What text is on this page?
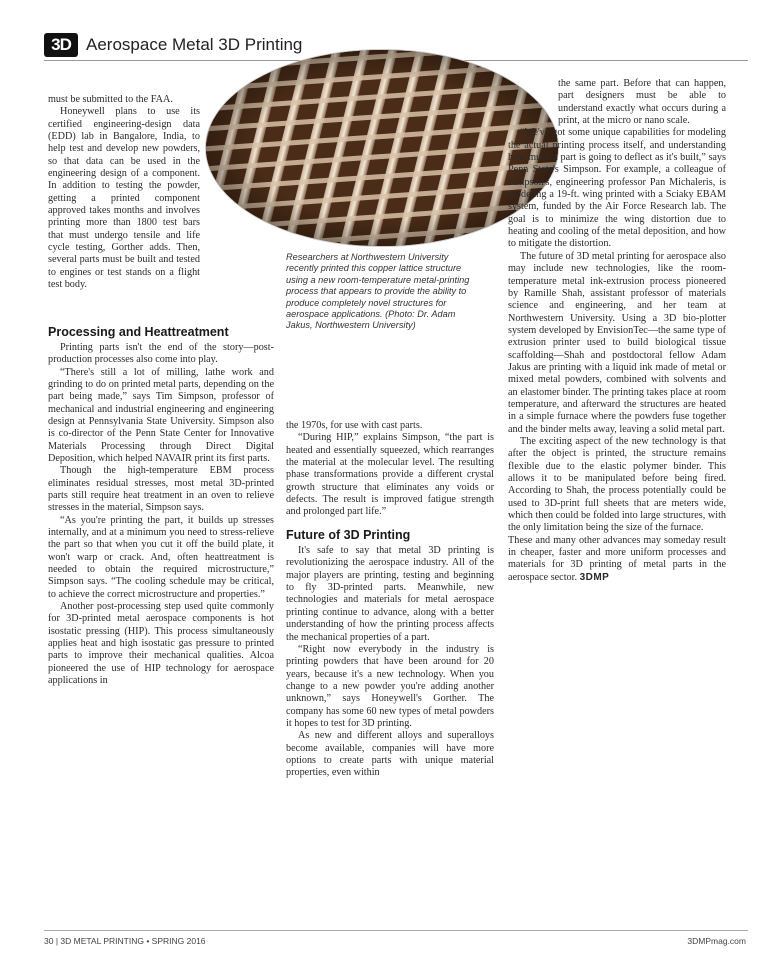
3D Aerospace Metal 3D Printing
Researchers at Northwestern University recently printed this copper lattice structure using a new room-temperature metal-printing process that appears to provide the ability to produce completely novel structures for aerospace applications. (Photo: Dr. Adam Jakus, Northwestern University)

must be submitted to the FAA.

Honeywell plans to use its certified engineering-design data (EDD) lab in Bangalore, India, to help test and develop new powders, so that data can be used in the engineering design of a component. In addition to testing the powder, getting a printed component approved takes months and involves printing more than 1800 test bars that must undergo tensile and life cycle testing, Gorther adds. Then, several parts must be built and tested to engines or test stands on a flight test body.

Processing and Heattreatment

Printing parts isn't the end of the story—post-production processes also come into play.

“There's still a lot of milling, lathe work and grinding to do on printed metal parts, depending on the part being made,” says Tim Simpson, professor of mechanical and industrial engineering and engineering design at Pennsylvania State University. Simpson also is co-director of the Penn State Center for Innovative Materials Processing through Direct Digital Deposition, which helped NAVAIR print its first parts.

Though the high-temperature EBM process eliminates residual stresses, most metal 3D-printed parts still require heat treatment in an oven to relieve stresses in the material, Simpson says.

“As you're printing the part, it builds up stresses internally, and at a minimum you need to stress-relieve the part so that when you cut it off the build plate, it won't warp or crack. And, often heattreatment is needed to obtain the required microstructure,” Simpson says. “The cooling schedule may be critical, to achieve the correct microstructure and properties.”

Another post-processing step used quite commonly for 3D-printed metal aerospace components is hot isostatic pressing (HIP). This process simultaneously applies heat and high isostatic gas pressure to printed parts to improve their mechanical qualities. Alcoa pioneered the use of HIP technology for aerospace applications in

the 1970s, for use with cast parts.

“During HIP,” explains Simpson, “the part is heated and essentially squeezed, which rearranges the material at the molecular level. The resulting phase transformations provide a different crystal growth structure that eliminates any voids or defects. The result is improved fatigue strength and prolonged part life.”

Future of 3D Printing

It's safe to say that metal 3D printing is revolutionizing the aerospace industry. All of the major players are printing, testing and beginning to fly 3D-printed parts. Meanwhile, new technologies and materials for metal aerospace printing continue to advance, along with a better understanding of how the printing process affects the mechanical properties of a part.

“Right now everybody in the industry is printing powders that have been around for 20 years, because it's a new technology. When you change to a new powder you're adding another unknown,” says Honeywell's Gorther. The company has some 60 new types of metal powders it hopes to test for 3D printing.

As new and different alloys and superalloys become available, companies will have more options to create parts with unique material properties, even within

the same part. Before that can happen, part designers must be able to understand exactly what occurs during a print, at the micro or nano scale.

“We've got some unique capabilities for modeling the actual printing process itself, and understanding how much a part is going to deflect as it's built,” says Penn State's Simpson. For example, a colleague of Simpson's, engineering professor Pan Michaleris, is modeling a 19-ft. wing printed with a Sciaky EBAM system, funded by the Air Force Research lab. The goal is to minimize the wing distortion due to heating and cooling of the metal deposition, and how to mitigate the distortion.

The future of 3D metal printing for aerospace also may include new technologies, like the room-temperature metal ink-extrusion process pioneered by Ramille Shah, assistant professor of materials science and engineering, and her team at Northwestern University. Using a 3D bio-plotter system developed by EnvisionTec—the same type of extrusion printer used to build biological tissue scaffolding—Shah and postdoctoral fellow Adam Jakus are printing with a liquid ink made of metal or mixed metal powders, combined with solvents and an elastomer binder. The printing takes place at room temperature, and afterward the structures are heated in a simple furnace where the powders fuse together and the binder melts away, leaving a solid metal part.

The exciting aspect of the new technology is that after the object is printed, the structure remains flexible due to the elastic polymer binder. This allows it to be manipulated before being fired. According to Shah, the process potentially could be used to 3D-print full sheets that are meters wide, which then could be folded into large structures, with the only limitation being the size of the furnace.

These and many other advances may someday result in cheaper, faster and more uniform processes and materials for 3D printing of metal parts in the aerospace sector. 3DMP
30 | 3D METAL PRINTING • SPRING 2016	3DMPmag.com
